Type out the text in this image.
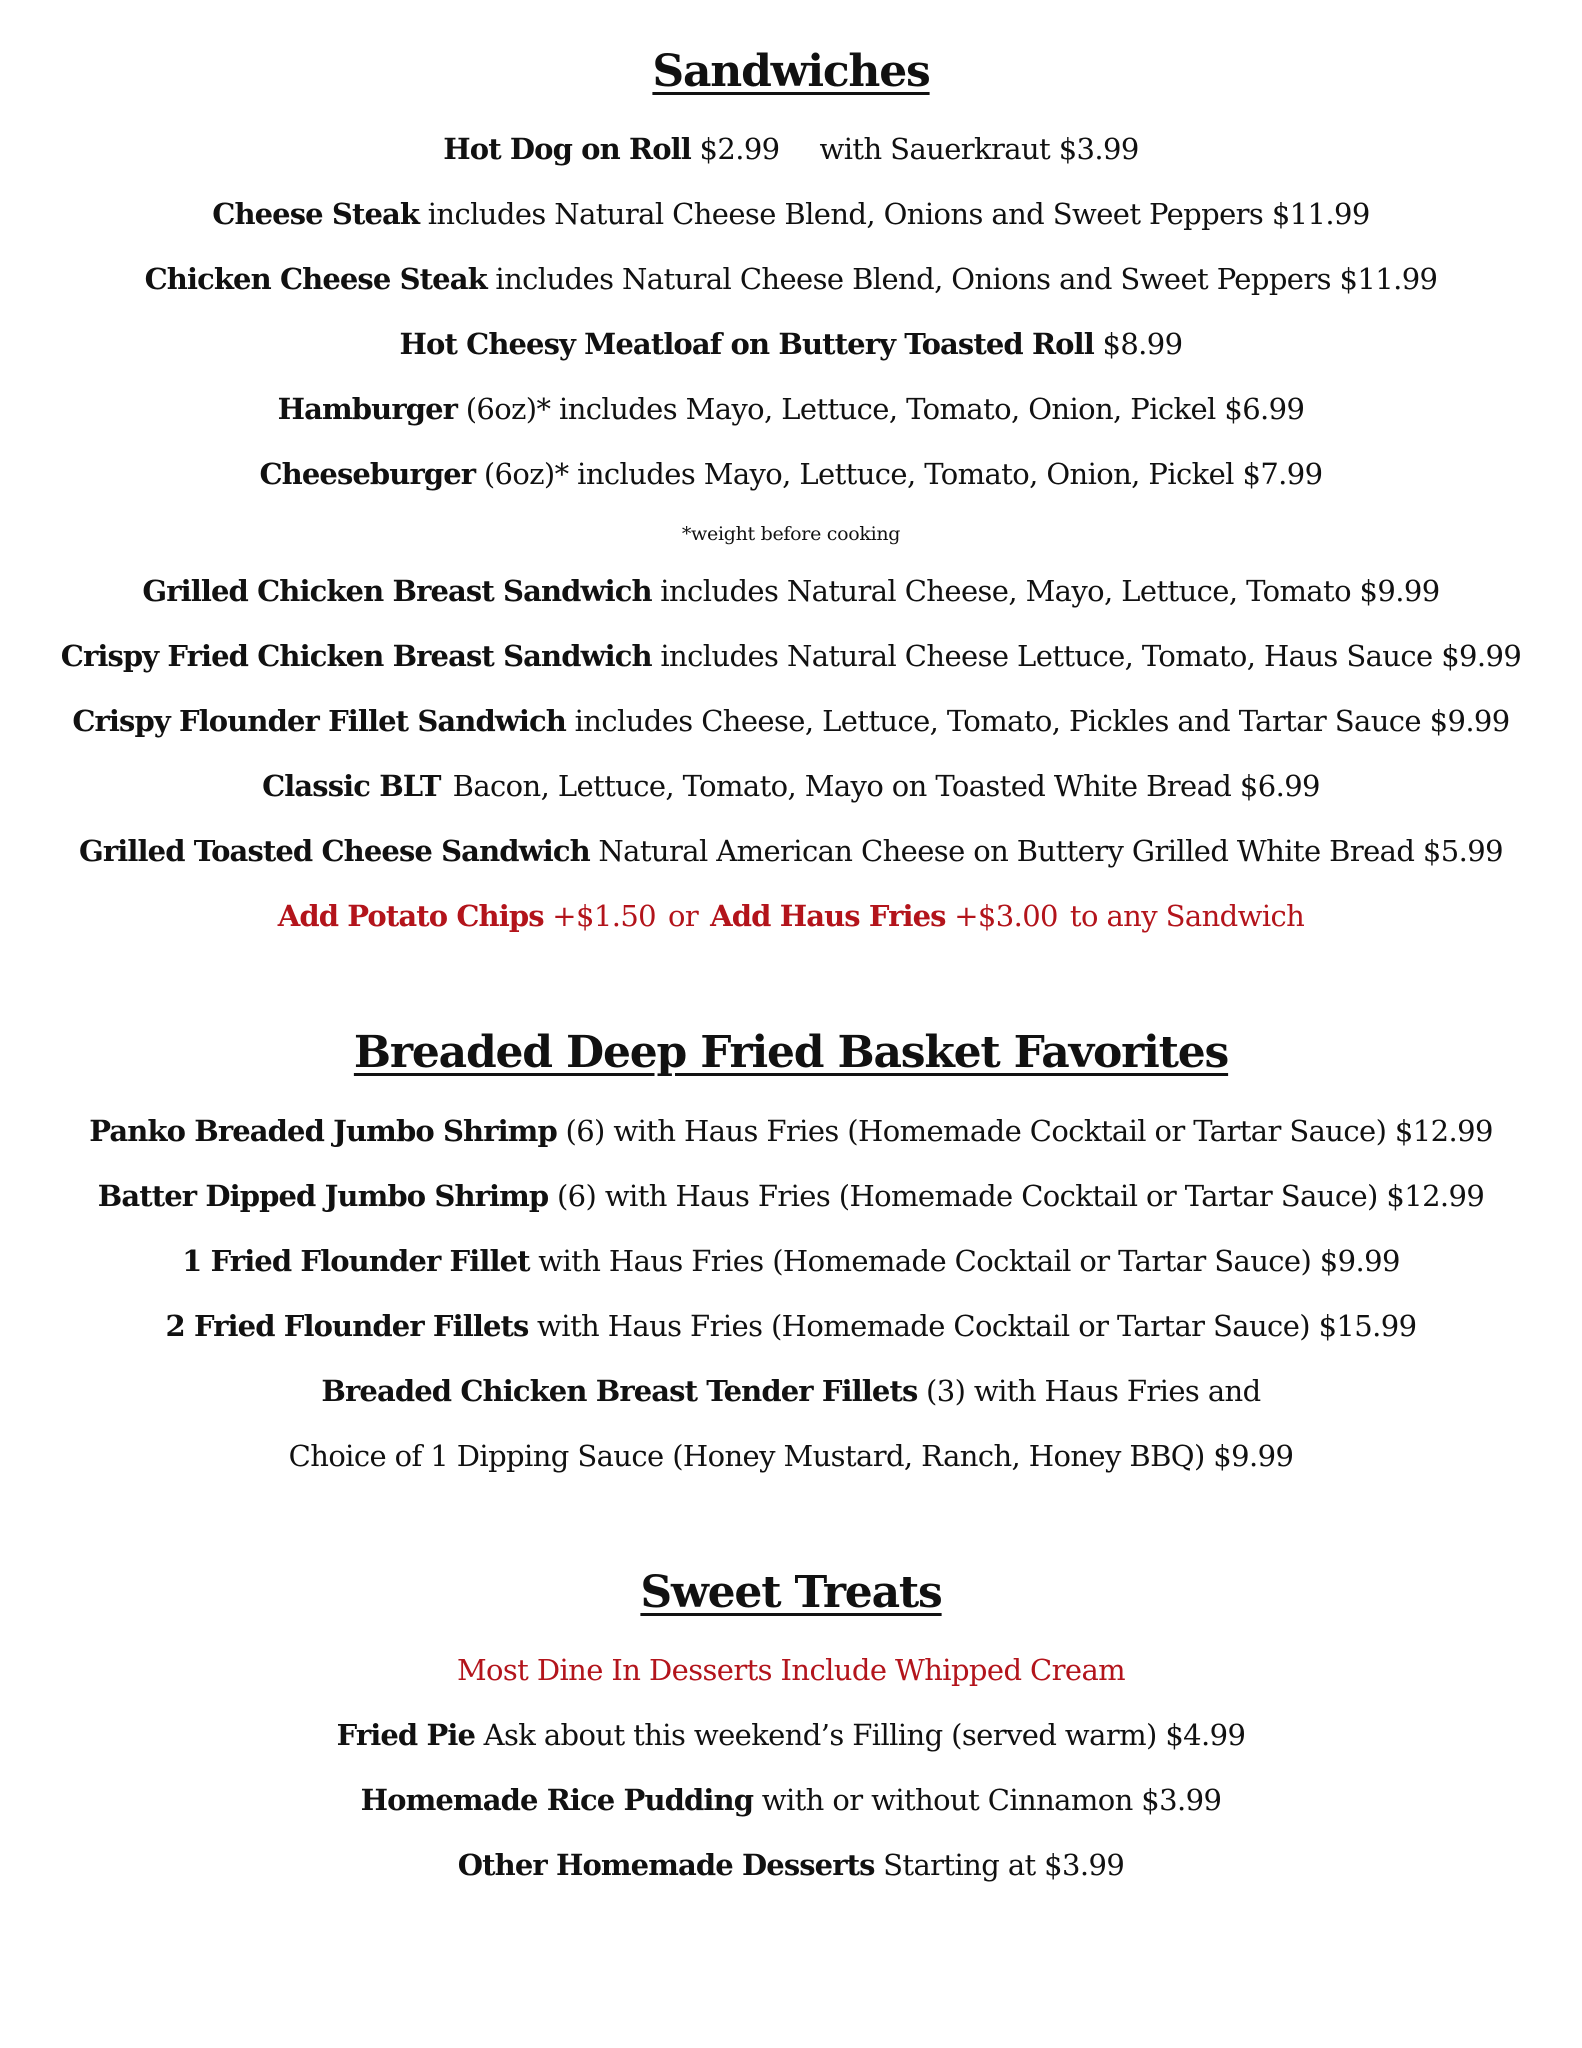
Sandwiches
Hot Dog on Roll $2.99 with Sauerkraut $3.99
Cheese Steak includes Natural Cheese Blend, Onions and Sweet Peppers $11.99
Chicken Cheese Steak includes Natural Cheese Blend, Onions and Sweet Peppers $11.99
Hot Cheesy Meatloaf on Buttery Toasted Roll $8.99
Hamburger (6oz)* includes Mayo, Lettuce, Tomato, Onion, Pickel $6.99
Cheeseburger (6oz)* includes Mayo, Lettuce, Tomato, Onion, Pickel $7.99
*weight before cooking
Grilled Chicken Breast Sandwich includes Natural Cheese, Mayo, Lettuce, Tomato $9.99
Crispy Fried Chicken Breast Sandwich includes Natural Cheese Lettuce, Tomato, Haus Sauce $9.99
Crispy Flounder Fillet Sandwich includes Cheese, Lettuce, Tomato, Pickles and Tartar Sauce $9.99
Classic BLT Bacon, Lettuce, Tomato, Mayo on Toasted White Bread $6.99
Grilled Toasted Cheese Sandwich Natural American Cheese on Buttery Grilled White Bread $5.99
Add Potato Chips +$1.50 or Add Haus Fries +$3.00 to any Sandwich
Breaded Deep Fried Basket Favorites
Panko Breaded Jumbo Shrimp (6) with Haus Fries (Homemade Cocktail or Tartar Sauce) $12.99
Batter Dipped Jumbo Shrimp (6) with Haus Fries (Homemade Cocktail or Tartar Sauce) $12.99
1 Fried Flounder Fillet with Haus Fries (Homemade Cocktail or Tartar Sauce) $9.99
2 Fried Flounder Fillets with Haus Fries (Homemade Cocktail or Tartar Sauce) $15.99
Breaded Chicken Breast Tender Fillets (3) with Haus Fries and
Choice of 1 Dipping Sauce (Honey Mustard, Ranch, Honey BBQ) $9.99
Sweet Treats
Most Dine In Desserts Include Whipped Cream
Fried Pie Ask about this weekend’s Filling (served warm) $4.99
Homemade Rice Pudding with or without Cinnamon $3.99
Other Homemade Desserts Starting at $3.99
